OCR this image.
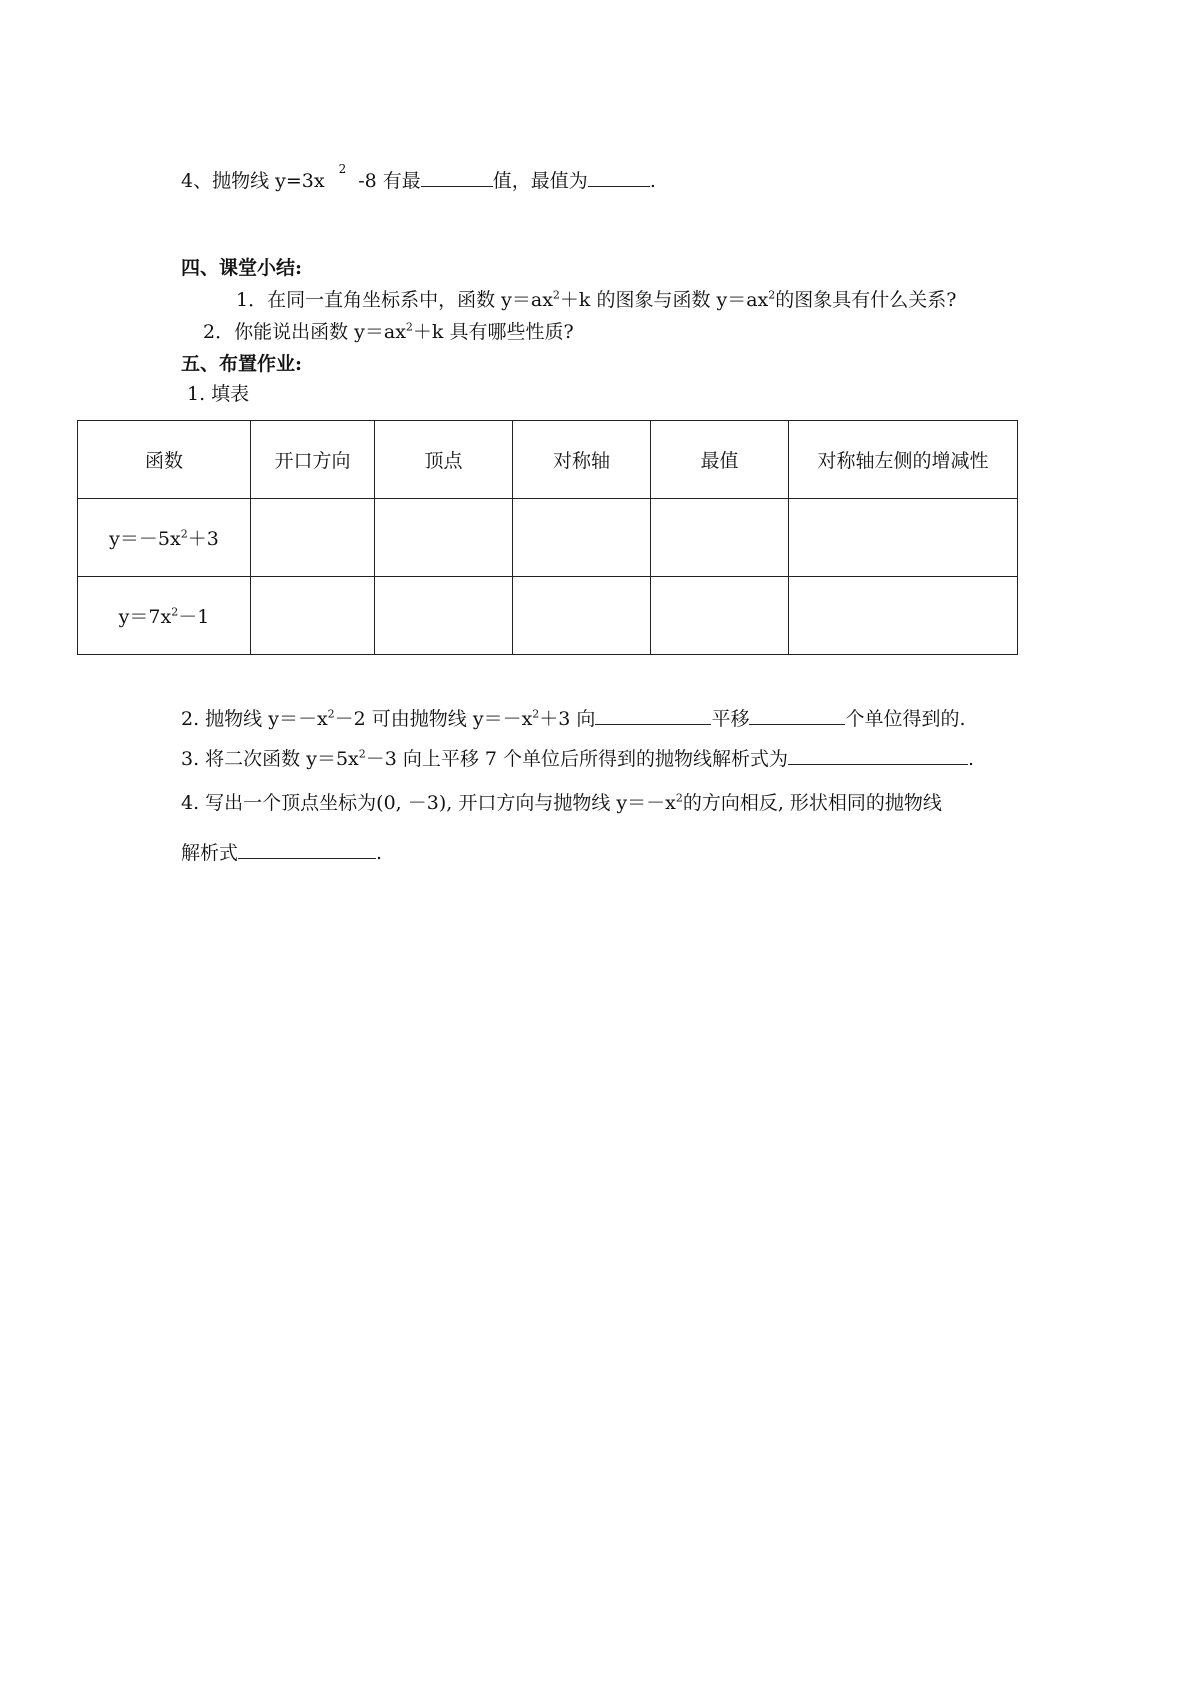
4、抛物线 $y=3x^2-8$ 有最	值，最值为	.
四、课堂小结:
1．在同一直角坐标系中，函数 $y=ax^2+k$ 的图象与函数 $y=ax^2$的图象具有什么关系?
2．你能说出函数 $y=ax^2+k$ 具有哪些性质?
五、布置作业:
1. 填表
函数	开口方向	顶点	对称轴	最值	对称轴左侧的增减性
$y=-5x^2+3$					
$y=7x^2-1$					
2. 抛物线 $y=-x^2-2$ 可由抛物线 $y=-x^2+3$ 向	平移	个单位得到的.
3. 将二次函数 $y=5x^2-3$ 向上平移 7 个单位后所得到的抛物线解析式为	.
4. 写出一个顶点坐标为(0, －3), 开口方向与抛物线 $y=-x^2$的方向相反, 形状相同的抛物线
解析式	.
